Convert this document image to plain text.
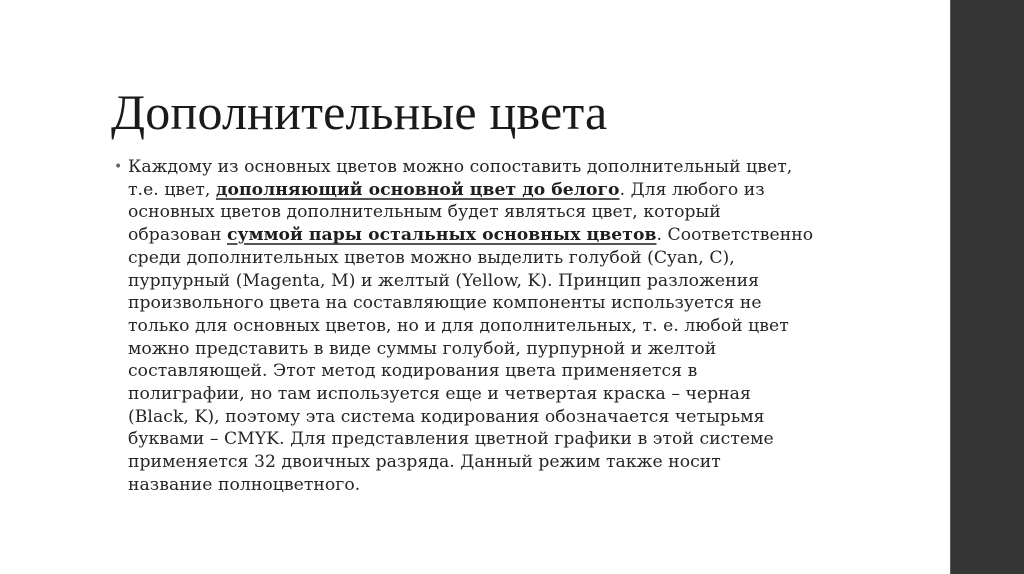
Дополнительные цвета
• Каждому из основных цветов можно сопоставить дополнительный цвет,
т.е. цвет, дополняющий основной цвет до белого. Для любого из
основных цветов дополнительным будет являться цвет, который
образован суммой пары остальных основных цветов. Соответственно
среди дополнительных цветов можно выделить голубой (Cyan, C),
пурпурный (Magenta, M) и желтый (Yellow, K). Принцип разложения
произвольного цвета на составляющие компоненты используется не
только для основных цветов, но и для дополнительных, т. е. любой цвет
можно представить в виде суммы голубой, пурпурной и желтой
составляющей. Этот метод кодирования цвета применяется в
полиграфии, но там используется еще и четвертая краска – черная
(Black, K), поэтому эта система кодирования обозначается четырьмя
буквами – CMYK. Для представления цветной графики в этой системе
применяется 32 двоичных разряда. Данный режим также носит
название полноцветного.
